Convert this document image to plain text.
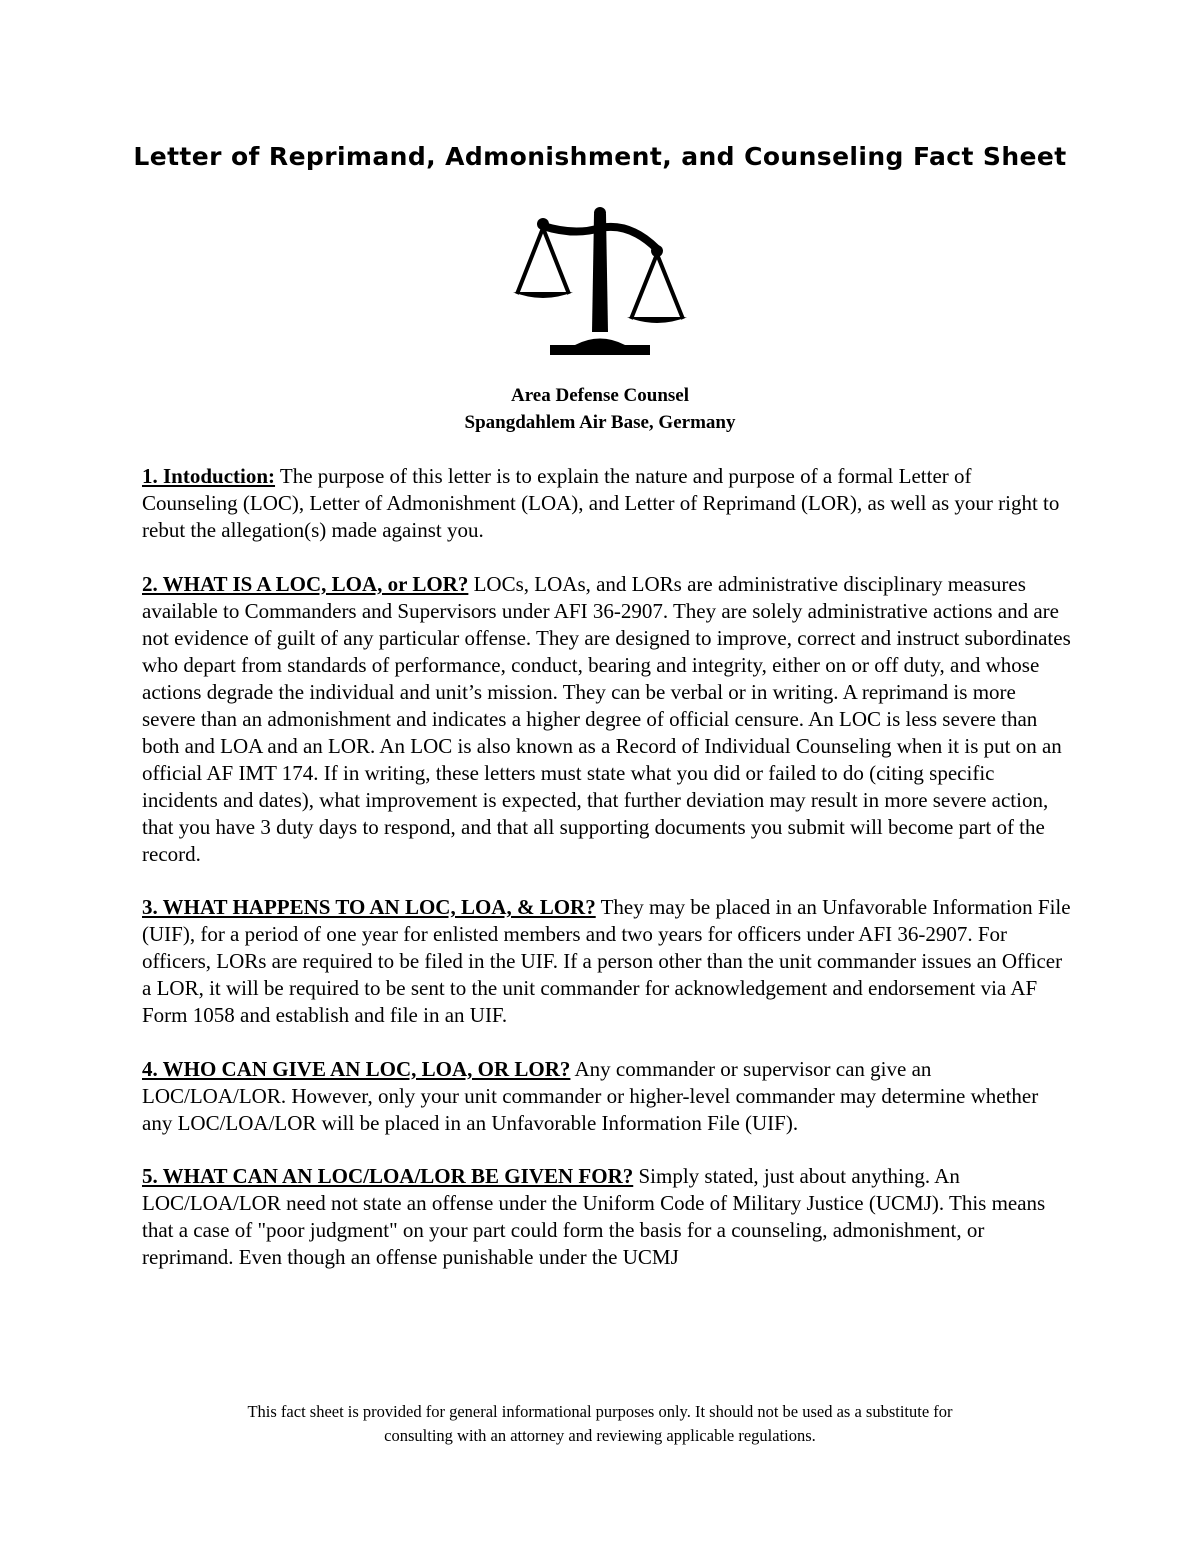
Letter of Reprimand, Admonishment, and Counseling Fact Sheet
Area Defense Counsel
Spangdahlem Air Base, Germany

1. Intoduction: The purpose of this letter is to explain the nature and purpose of a formal Letter of Counseling (LOC), Letter of Admonishment (LOA), and Letter of Reprimand (LOR), as well as your right to rebut the allegation(s) made against you.

2. WHAT IS A LOC, LOA, or LOR? LOCs, LOAs, and LORs are administrative disciplinary measures available to Commanders and Supervisors under AFI 36-2907. They are solely administrative actions and are not evidence of guilt of any particular offense. They are designed to improve, correct and instruct subordinates who depart from standards of performance, conduct, bearing and integrity, either on or off duty, and whose actions degrade the individual and unit’s mission. They can be verbal or in writing. A reprimand is more severe than an admonishment and indicates a higher degree of official censure. An LOC is less severe than both and LOA and an LOR. An LOC is also known as a Record of Individual Counseling when it is put on an official AF IMT 174. If in writing, these letters must state what you did or failed to do (citing specific incidents and dates), what improvement is expected, that further deviation may result in more severe action, that you have 3 duty days to respond, and that all supporting documents you submit will become part of the record.

3. WHAT HAPPENS TO AN LOC, LOA, & LOR? They may be placed in an Unfavorable Information File (UIF), for a period of one year for enlisted members and two years for officers under AFI 36-2907. For officers, LORs are required to be filed in the UIF. If a person other than the unit commander issues an Officer a LOR, it will be required to be sent to the unit commander for acknowledgement and endorsement via AF Form 1058 and establish and file in an UIF.

4. WHO CAN GIVE AN LOC, LOA, OR LOR? Any commander or supervisor can give an LOC/LOA/LOR. However, only your unit commander or higher-level commander may determine whether any LOC/LOA/LOR will be placed in an Unfavorable Information File (UIF).

5. WHAT CAN AN LOC/LOA/LOR BE GIVEN FOR? Simply stated, just about anything. An LOC/LOA/LOR need not state an offense under the Uniform Code of Military Justice (UCMJ). This means that a case of "poor judgment" on your part could form the basis for a counseling, admonishment, or reprimand. Even though an offense punishable under the UCMJ

This fact sheet is provided for general informational purposes only. It should not be used as a substitute for
consulting with an attorney and reviewing applicable regulations.
